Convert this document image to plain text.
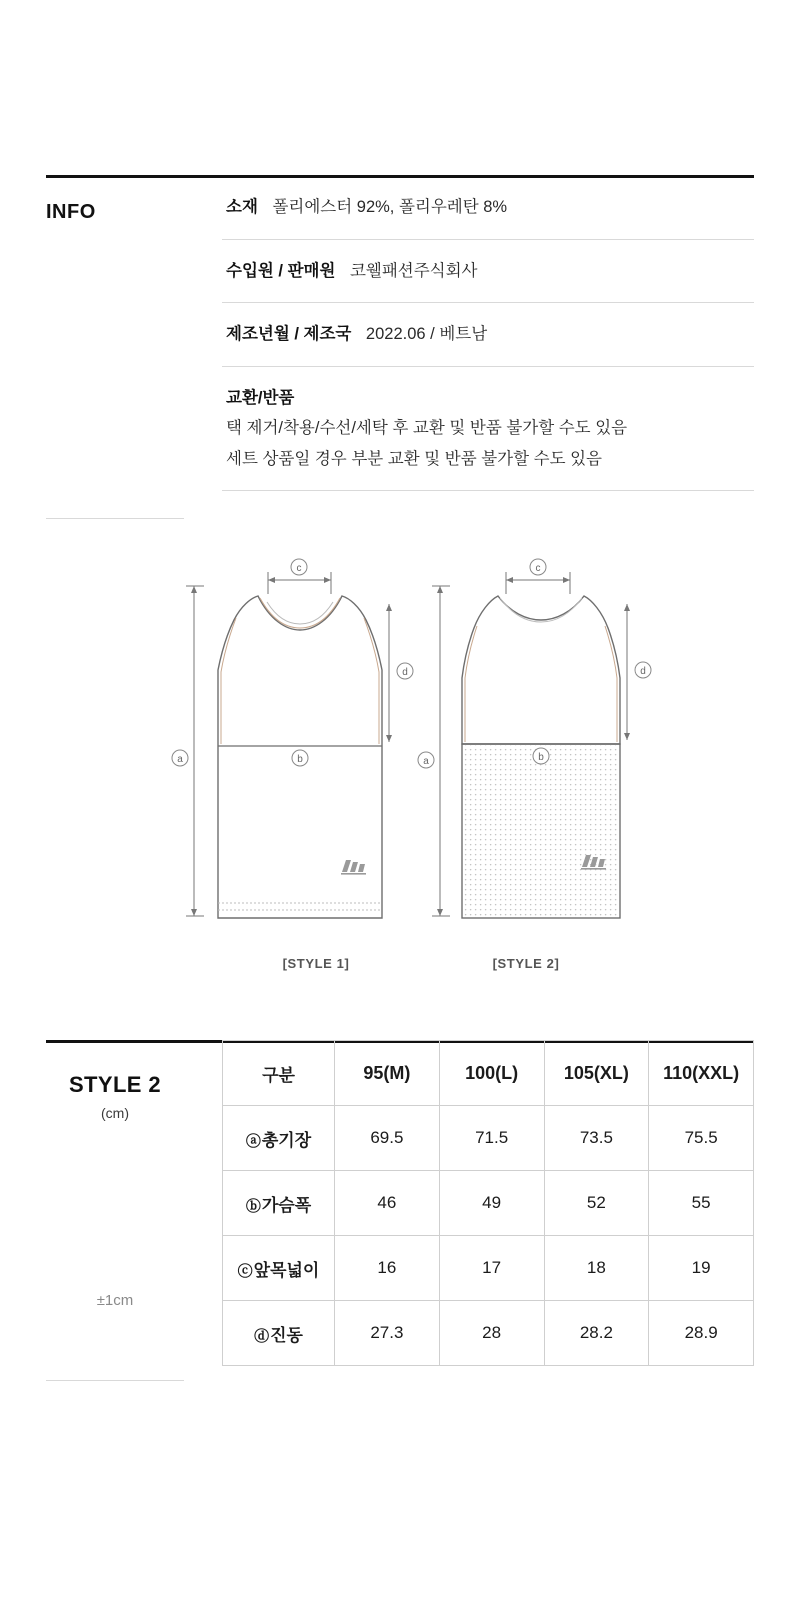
INFO	소재 폴리에스터 92%, 폴리우레탄 8%
수입원 / 판매원 코웰패션주식회사
제조년월 / 제조국 2022.06 / 베트남
교환/반품
택 제거/착용/수선/세탁 후 교환 및 반품 불가할 수도 있음
세트 상품일 경우 부분 교환 및 반품 불가할 수도 있음
c
b
a
d
c
b
a
d
[STYLE 1]	[STYLE 2]
STYLE 2
(cm)
±1cm
구분	95(M)	100(L)	105(XL)	110(XXL)
ⓐ총기장	69.5	71.5	73.5	75.5
ⓑ가슴폭	46	49	52	55
ⓒ앞목넓이	16	17	18	19
ⓓ진동	27.3	28	28.2	28.9
